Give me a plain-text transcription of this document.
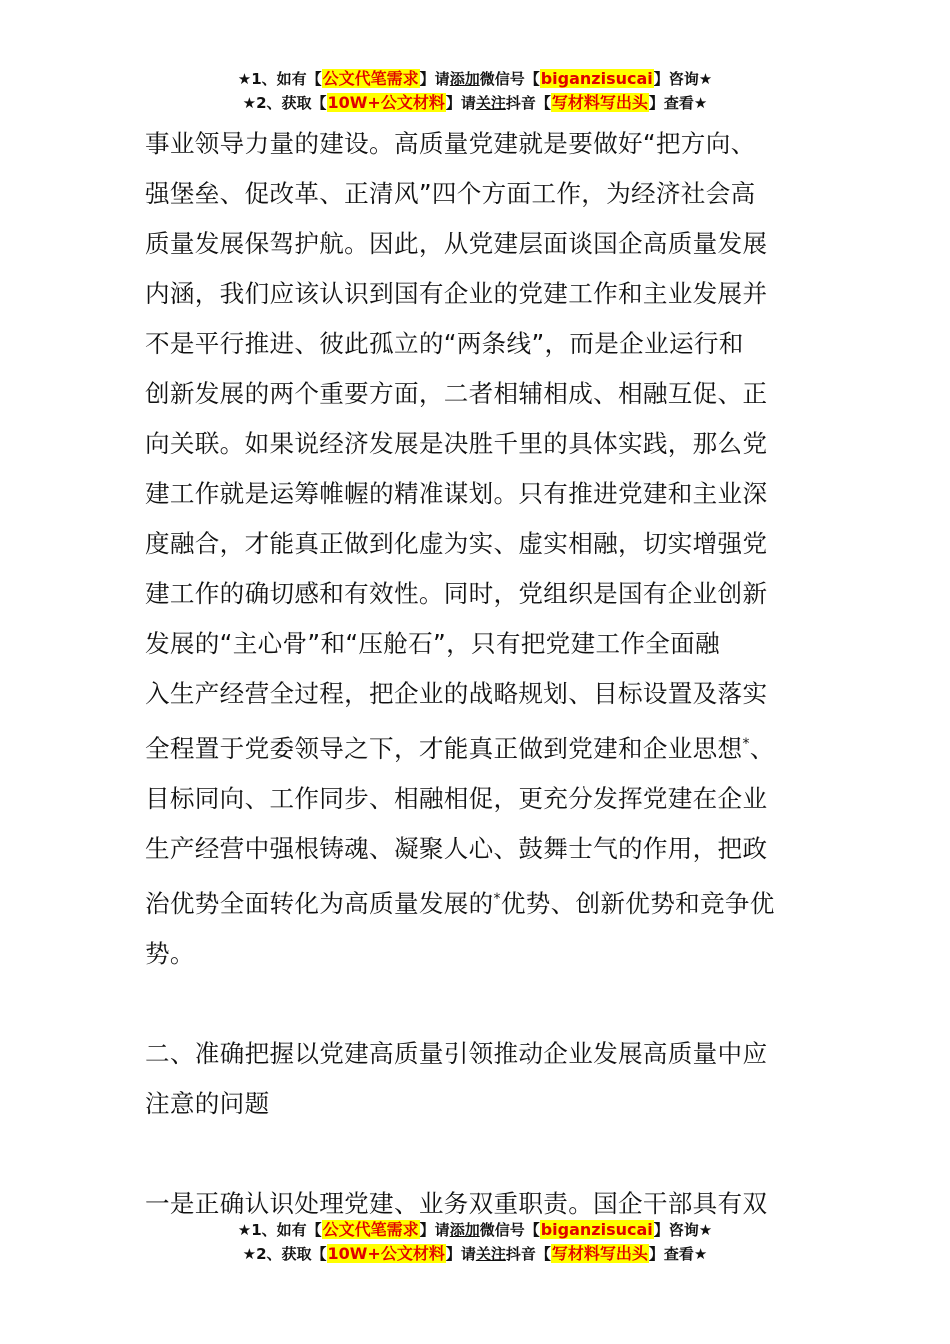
★1、如有【公文代笔需求】请添加微信号【biganzisucai】咨询★
★2、获取【10W+公文材料】请关注抖音【写材料写出头】查看★

事业领导力量的建设。高质量党建就是要做好“把方向、

强堡垒、促改革、正清风”四个方面工作，为经济社会高

质量发展保驾护航。因此，从党建层面谈国企高质量发展

内涵，我们应该认识到国有企业的党建工作和主业发展并

不是平行推进、彼此孤立的“两条线”，而是企业运行和

创新发展的两个重要方面，二者相辅相成、相融互促、正

向关联。如果说经济发展是决胜千里的具体实践，那么党

建工作就是运筹帷幄的精准谋划。只有推进党建和主业深

度融合，才能真正做到化虚为实、虚实相融，切实增强党

建工作的确切感和有效性。同时，党组织是国有企业创新

发展的“主心骨”和“压舱石”，只有把党建工作全面融

入生产经营全过程，把企业的战略规划、目标设置及落实

全程置于党委领导之下，才能真正做到党建和企业思想*、

目标同向、工作同步、相融相促，更充分发挥党建在企业

生产经营中强根铸魂、凝聚人心、鼓舞士气的作用，把政

治优势全面转化为高质量发展的*优势、创新优势和竞争优

势。

二、准确把握以党建高质量引领推动企业发展高质量中应

注意的问题

一是正确认识处理党建、业务双重职责。国企干部具有双

★1、如有【公文代笔需求】请添加微信号【biganzisucai】咨询★
★2、获取【10W+公文材料】请关注抖音【写材料写出头】查看★
